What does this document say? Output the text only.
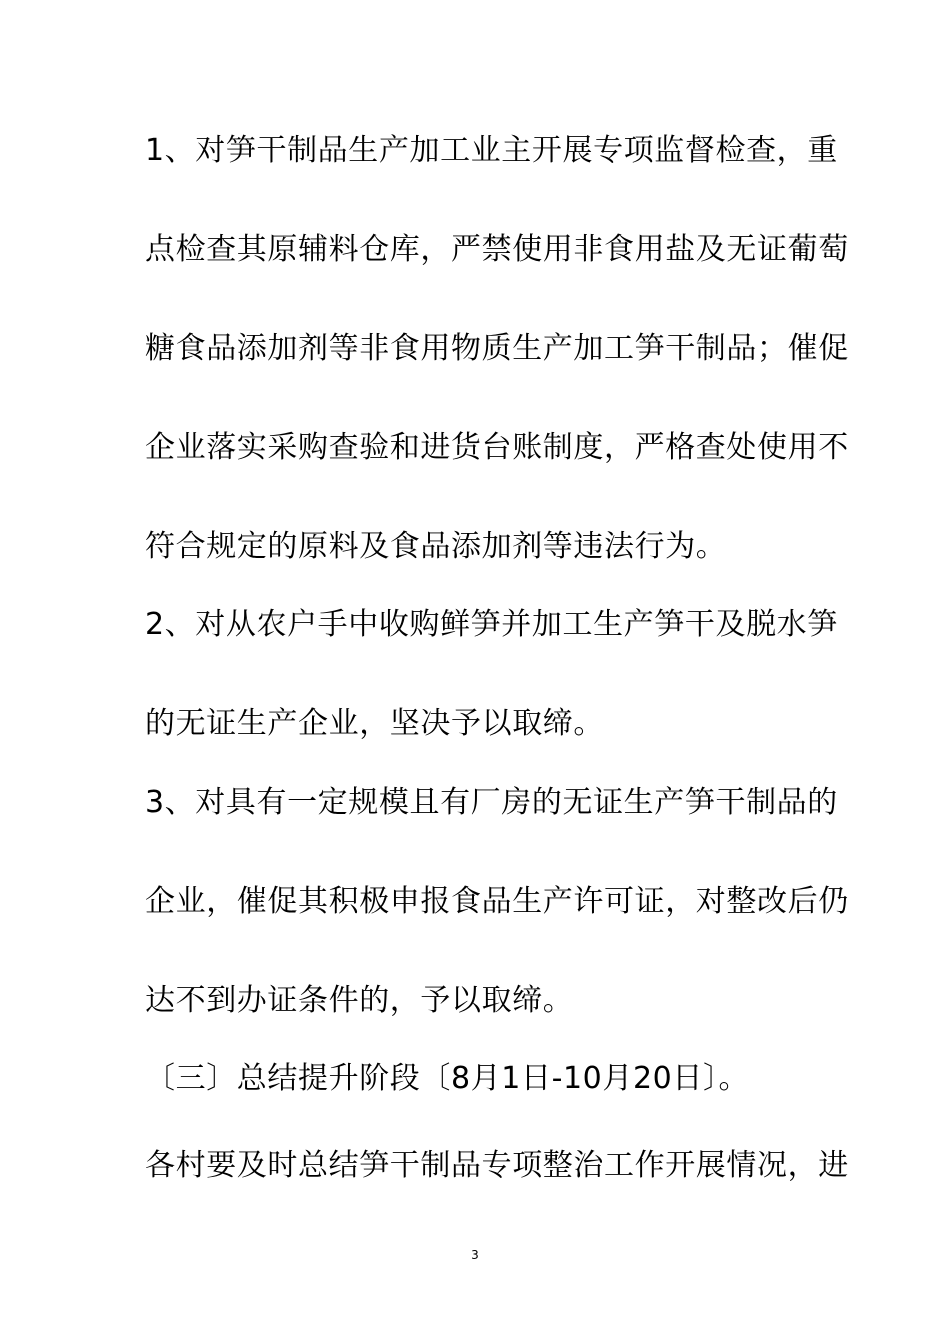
1、对笋干制品生产加工业主开展专项监督检查，重
点检查其原辅料仓库，严禁使用非食用盐及无证葡萄
糖食品添加剂等非食用物质生产加工笋干制品；催促
企业落实采购查验和进货台账制度，严格查处使用不
符合规定的原料及食品添加剂等违法行为。
2、对从农户手中收购鲜笋并加工生产笋干及脱水笋
的无证生产企业，坚决予以取缔。
3、对具有一定规模且有厂房的无证生产笋干制品的
企业，催促其积极申报食品生产许可证，对整改后仍
达不到办证条件的，予以取缔。
〔三〕总结提升阶段〔8月1日-10月20日〕。
各村要及时总结笋干制品专项整治工作开展情况，进
3
